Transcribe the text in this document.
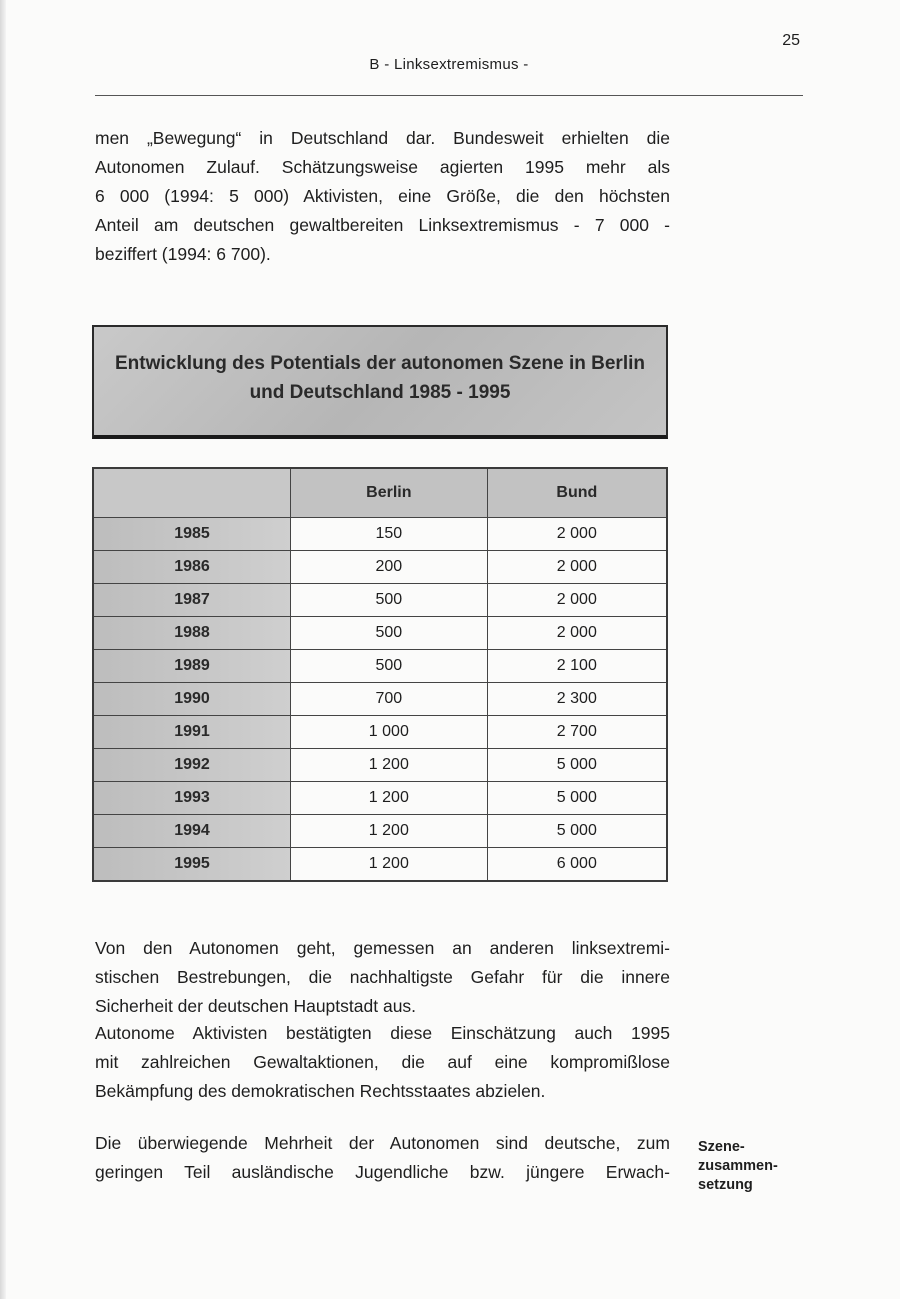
25
B - Linksextremismus -

men „Bewegung“ in Deutschland dar. Bundesweit erhielten die
Autonomen Zulauf. Schätzungsweise agierten 1995 mehr als
6 000 (1994: 5 000) Aktivisten, eine Größe, die den höchsten
Anteil am deutschen gewaltbereiten Linksextremismus - 7 000 -
beziffert (1994: 6 700).

Entwicklung des Potentials der autonomen Szene in Berlin
und Deutschland 1985 - 1995
	Berlin	Bund
1985	150	2 000
1986	200	2 000
1987	500	2 000
1988	500	2 000
1989	500	2 100
1990	700	2 300
1991	1 000	2 700
1992	1 200	5 000
1993	1 200	5 000
1994	1 200	5 000
1995	1 200	6 000

Von den Autonomen geht, gemessen an anderen linksextremi-
stischen Bestrebungen, die nachhaltigste Gefahr für die innere
Sicherheit der deutschen Hauptstadt aus.

Autonome Aktivisten bestätigten diese Einschätzung auch 1995
mit zahlreichen Gewaltaktionen, die auf eine kompromißlose
Bekämpfung des demokratischen Rechtsstaates abzielen.

Die überwiegende Mehrheit der Autonomen sind deutsche, zum
geringen Teil ausländische Jugendliche bzw. jüngere Erwach-

Szene-
zusammen-
setzung
